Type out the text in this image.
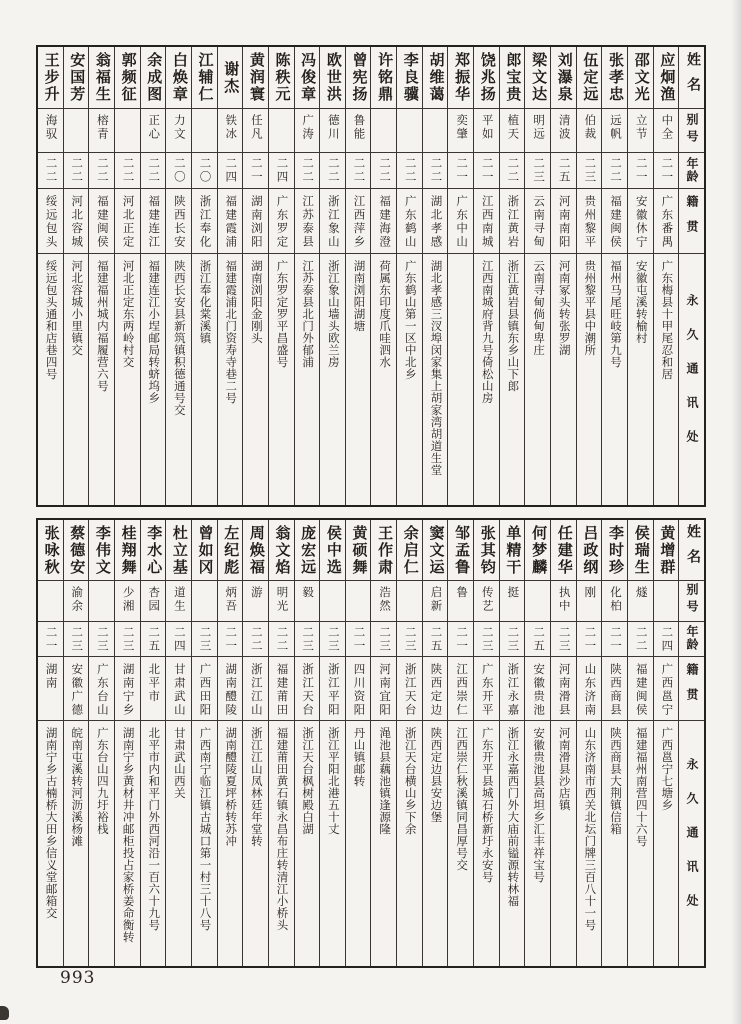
姓名
别号
年龄
籍贯
永久通讯处
应炯渔
中全
二一
广东番禺
广东梅县十甲尾忍和居
邵文光
立节
二一
安徽休宁
安徽屯溪转榆村
张孝忠
远帆
二二
福建闽侯
福州马尾旺岐第九号
伍定远
伯裁
二三
贵州黎平
贵州黎平县中潮所
刘瀑泉
清波
二五
河南南阳
河南冢头转张罗湖
梁文达
明远
二三
云南寻甸
云南寻甸倘甸卑庄
郎宝贵
植天
二二
浙江黄岩
浙江黄岩县镇东乡山下郎
饶兆扬
平如
二一
江西南城
江西南城府背九号倚松山房
郑振华
奕肇
二一
广东中山
胡维蔼
二二
湖北孝感
湖北孝感三汊埠闵家集上胡家湾胡道生堂
李良骥
二二
广东鹤山
广东鹤山第一区中北乡
许铭鼎
二二
福建海澄
荷属东印度爪哇泗水
曾宪扬
鲁能
二二
江西萍乡
湖南浏阳湖塘
欧世洪
德川
二二
浙江象山
浙江象山墙头欧兰房
冯俊章
广涛
二二
江苏泰县
江苏泰县北门外郁浦
陈秩元
二四
广东罗定
广东罗定罗平昌盛号
黄润寰
任凡
二一
湖南浏阳
湖南浏阳金刚头
谢杰
铁冰
二四
福建霞浦
福建霞浦北门资寿寺巷二号
江辅仁
二〇
浙江奉化
浙江奉化棠溪镇
白焕章
力文
二〇
陕西长安
陕西长安县新筑镇积德通号交
余成图
正心
二二
福建连江
福建连江小埕邮局转蛴坞乡
郭频征
二二
河北正定
河北正定东两岭村交
翁福生
榕青
二二
福建闽侯
福建福州城内福履营六号
安国芳
二二
河北容城
河北容城小里镇交
王步升
海驭
二二
绥远包头
绥远包头通和店巷四号
姓名
别号
年龄
籍贯
永久通讯处
黄增群
二四
广西邕宁
广西邕宁七塘乡
侯瑞生
燧
二二
福建闽侯
福建福州南营四十六号
李时珍
化柏
二一
陕西商县
陕西商县大荆镇信箱
吕政纲
刚
二一
山东济南
山东济南市西关北坛门牌三百八十一号
任建华
执中
二三
河南滑县
河南滑县沙店镇
何梦麟
二五
安徽贵池
安徽贵池县高坦乡汇丰祥宝号
单精干
挺
二三
浙江永嘉
浙江永嘉西门外大庙前镒源转林福
张其钧
传艺
二三
广东开平
广东开平县城石桥新圩永安号
邹孟鲁
鲁
二一
江西崇仁
江西崇仁秋溪镇同昌厚号交
窦文运
启新
二五
陕西定边
陕西定边县安边堡
余启仁
二三
浙江天台
浙江天台横山乡下余
王作肃
浩然
二三
河南宜阳
渑池县藕池镇逢源隆
黄硕舞
二一
四川资阳
丹山镇邮转
侯中选
二三
浙江平阳
浙江平阳北港五十丈
庞宏远
毅
二三
浙江天台
浙江天台枫树殿白湖
翁文焰
明光
二二
福建莆田
福建莆田黄石镇永昌布庄转清江小桥头
周焕福
游
二二
浙江江山
浙江江山凤林廷年堂转
左纪彪
炳吾
二一
湖南醴陵
湖南醴陵夏坪桥转苏冲
曾如冈
二三
广西田阳
广西南宁临江镇古城口第一村三十八号
杜立基
道生
二四
甘肃武山
甘肃武山西关
李水心
杏园
二五
北平市
北平市内和平门外西河沿一百六十九号
桂翔舞
少湘
二三
湖南宁乡
湖南宁乡黄材井冲邮柜投占家桥姜命衡转
李伟文
二三
广东台山
广东台山四九圩裕栈
蔡德安
渝余
二三
安徽广德
皖南屯溪转河沥溪杨滩
张咏秋
二一
湖南
湖南宁乡古楠桥大田乡信义堂邮箱交
993
